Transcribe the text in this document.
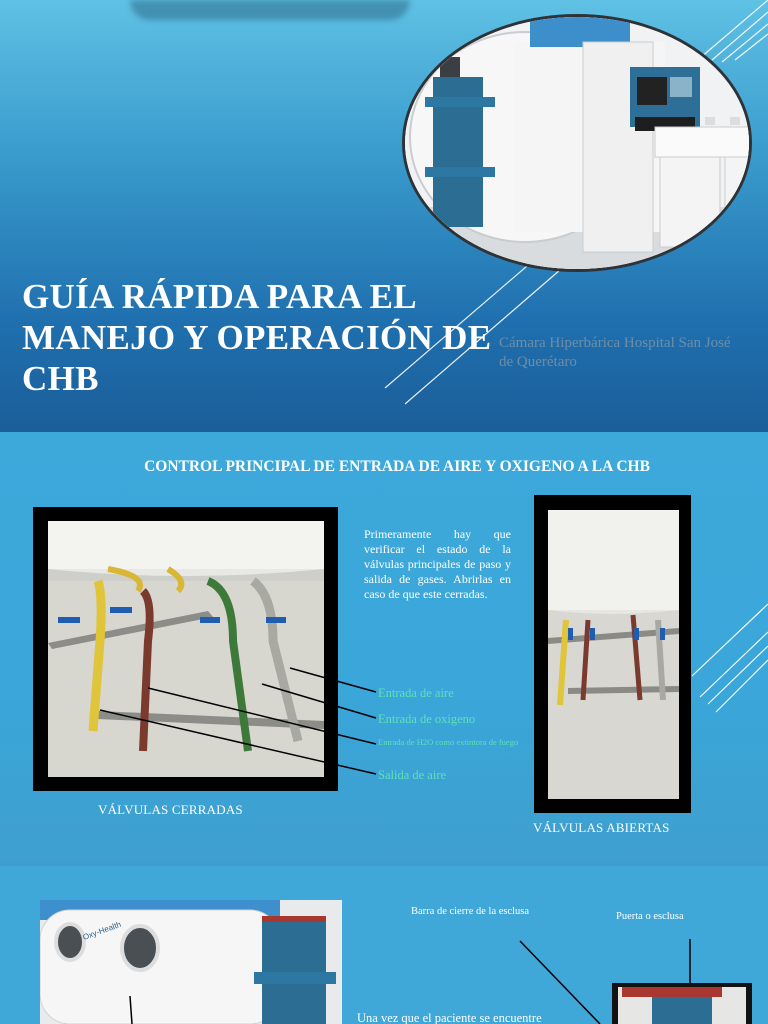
GUÍA RÁPIDA PARA EL MANEJO Y OPERACIÓN DE CHB

Cámara Hiperbárica Hospital San José de Querétaro

CONTROL PRINCIPAL DE ENTRADA DE AIRE Y OXIGENO A LA CHB

Primeramente hay que verificar el estado de la válvulas principales de paso y salida de gases. Abrirlas en caso de que este cerradas.

Entrada de aire
Entrada de oxigeno
Entrada de H2O como extintora de fuego
Salida de aire
VÁLVULAS CERRADAS
VÁLVULAS ABIERTAS
Oxy-Health
Barra de cierre de la esclusa	Puerta o esclusa

Una vez que el paciente se encuentre
